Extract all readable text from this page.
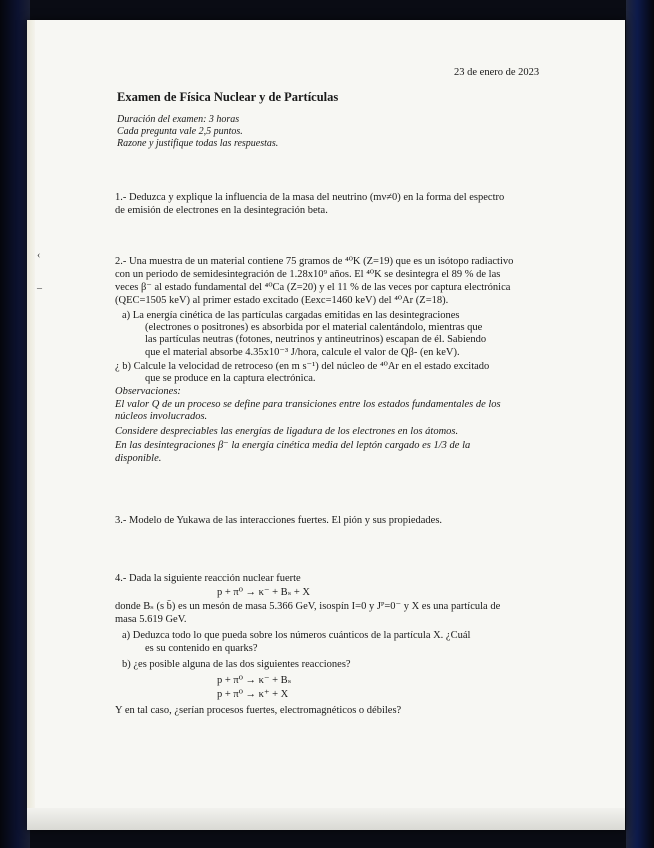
23 de enero de 2023
Examen de Física Nuclear y de Partículas
Duración del examen: 3 horas
Cada pregunta vale 2,5 puntos.
Razone y justifique todas las respuestas.
1.- Deduzca y explique la influencia de la masa del neutrino (mν≠0) en la forma del espectro
de emisión de electrones en la desintegración beta.
2.- Una muestra de un material contiene 75 gramos de ⁴⁰K (Z=19) que es un isótopo radiactivo
con un periodo de semidesintegración de 1.28x10⁹ años. El ⁴⁰K se desintegra el 89 % de las
veces β⁻ al estado fundamental del ⁴⁰Ca (Z=20) y el 11 % de las veces por captura electrónica
(QEC=1505 keV) al primer estado excitado (Eexc=1460 keV) del ⁴⁰Ar (Z=18).
a) La energía cinética de las partículas cargadas emitidas en las desintegraciones
(electrones o positrones) es absorbida por el material calentándolo, mientras que
las partículas neutras (fotones, neutrinos y antineutrinos) escapan de él. Sabiendo
que el material absorbe 4.35x10⁻³ J/hora, calcule el valor de Qβ- (en keV).
¿ b) Calcule la velocidad de retroceso (en m s⁻¹) del núcleo de ⁴⁰Ar en el estado excitado
que se produce en la captura electrónica.
Observaciones:
El valor Q de un proceso se define para transiciones entre los estados fundamentales de los
núcleos involucrados.
Considere despreciables las energías de ligadura de los electrones en los átomos.
En las desintegraciones β⁻ la energía cinética media del leptón cargado es 1/3 de la
disponible.
3.- Modelo de Yukawa de las interacciones fuertes. El pión y sus propiedades.
4.- Dada la siguiente reacción nuclear fuerte
p + π⁰ → κ⁻ + Bₛ + X
donde Bₛ (s b̄) es un mesón de masa 5.366 GeV, isospín I=0 y Jᴾ=0⁻ y X es una partícula de
masa 5.619 GeV.
a) Deduzca todo lo que pueda sobre los números cuánticos de la partícula X. ¿Cuál
es su contenido en quarks?
b) ¿es posible alguna de las dos siguientes reacciones?
p + π⁰ → κ⁻ + Bₛ
p + π⁰ → κ⁺ + X
Y en tal caso, ¿serían procesos fuertes, electromagnéticos o débiles?
‹
–
